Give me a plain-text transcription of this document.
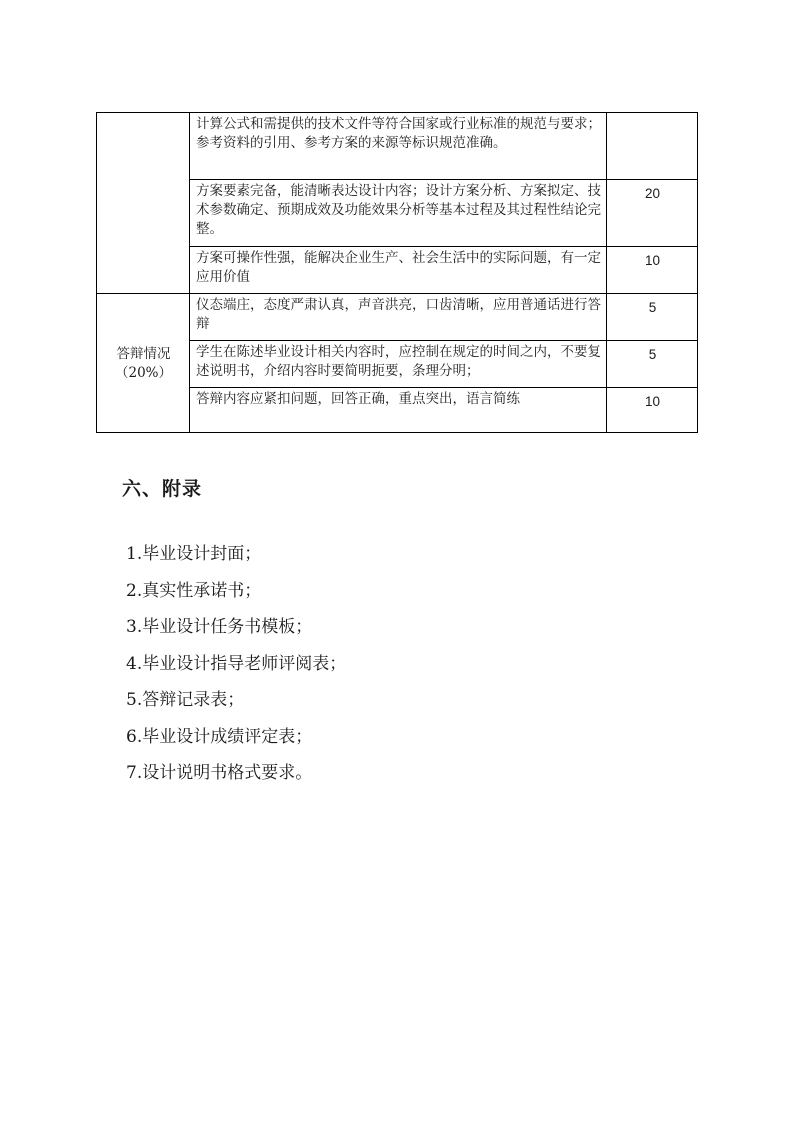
	计算公式和需提供的技术文件等符合国家或行业标准的规范与要求；参考资料的引用、参考方案的来源等标识规范准确。	
	方案要素完备，能清晰表达设计内容；设计方案分析、方案拟定、技术参数确定、预期成效及功能效果分析等基本过程及其过程性结论完整。	20
	方案可操作性强，能解决企业生产、社会生活中的实际问题，有一定应用价值	10

答辩情况
（20%）	仪态端庄，态度严肃认真，声音洪亮，口齿清晰，应用普通话进行答辩	5
	学生在陈述毕业设计相关内容时，应控制在规定的时间之内，不要复述说明书，介绍内容时要简明扼要，条理分明；	5
	答辩内容应紧扣问题，回答正确，重点突出，语言简练	10
六、附录
1.毕业设计封面；
2.真实性承诺书；
3.毕业设计任务书模板；
4.毕业设计指导老师评阅表；
5.答辩记录表；
6.毕业设计成绩评定表；
7.设计说明书格式要求。
